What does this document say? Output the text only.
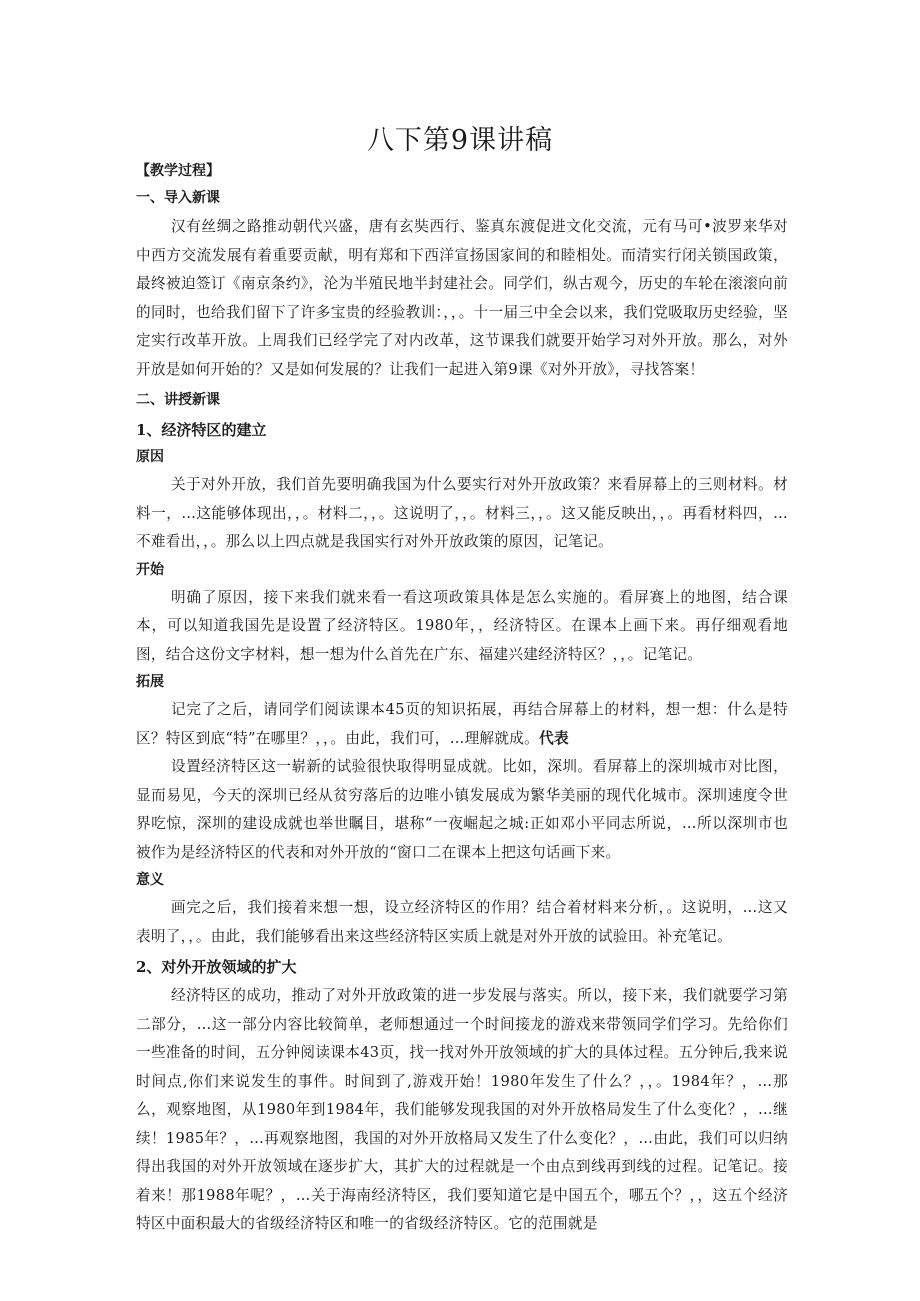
八下第9课讲稿

【教学过程】

一、导入新课

汉有丝绸之路推动朝代兴盛，唐有玄奘西行、鉴真东渡促进文化交流，元有马可•波罗来华对中西方交流发展有着重要贡献，明有郑和下西洋宣扬国家间的和睦相处。而清实行闭关锁国政策，最终被迫签订《南京条约》，沦为半殖民地半封建社会。同学们，纵古观今，历史的车轮在滚滚向前的同时，也给我们留下了许多宝贵的经验教训：，，。十一届三中全会以来，我们党吸取历史经验，坚定实行改革开放。上周我们已经学完了对内改革，这节课我们就要开始学习对外开放。那么，对外开放是如何开始的？又是如何发展的？让我们一起进入第9课《对外开放》，寻找答案！

二、讲授新课

1、经济特区的建立

原因

关于对外开放，我们首先要明确我国为什么要实行对外开放政策？来看屏幕上的三则材料。材料一，…这能够体现出，，。材料二，，。这说明了，，。材料三，，。这又能反映出，，。再看材料四，…不难看出，，。那么以上四点就是我国实行对外开放政策的原因，记笔记。

开始

明确了原因，接下来我们就来看一看这项政策具体是怎么实施的。看屏赛上的地图，结合课本，可以知道我国先是设置了经济特区。1980年，，经济特区。在课本上画下来。再仔细观看地图，结合这份文字材料，想一想为什么首先在广东、福建兴建经济特区？，，。记笔记。

拓展

记完了之后，请同学们阅读课本45页的知识拓展，再结合屏幕上的材料，想一想：什么是特区？特区到底“特”在哪里？，，。由此，我们可，…理解就成。代表

设置经济特区这一崭新的试验很快取得明显成就。比如，深圳。看屏幕上的深圳城市对比图，显而易见，今天的深圳已经从贫穷落后的边唯小镇发展成为繁华美丽的现代化城市。深圳速度令世界吃惊，深圳的建设成就也举世瞩目，堪称“一夜崛起之城:正如邓小平同志所说，…所以深圳市也被作为是经济特区的代表和对外开放的“窗口二在课本上把这句话画下来。

意义

画完之后，我们接着来想一想，设立经济特区的作用？结合着材料来分析，。这说明，…这又表明了，，。由此，我们能够看出来这些经济特区实质上就是对外开放的试验田。补充笔记。

2、对外开放领域的扩大

经济特区的成功，推动了对外开放政策的进一步发展与落实。所以，接下来，我们就要学习第二部分，…这一部分内容比较简单，老师想通过一个时间接龙的游戏来带领同学们学习。先给你们一些准备的时间，五分钟阅读课本43页，找一找对外开放领域的扩大的具体过程。五分钟后,我来说时间点,你们来说发生的事件。时间到了,游戏开始！1980年发生了什么？，，。1984年？，…那么，观察地图，从1980年到1984年，我们能够发现我国的对外开放格局发生了什么变化？，…继续！1985年？，…再观察地图，我国的对外开放格局又发生了什么变化？，…由此，我们可以归纳得出我国的对外开放领域在逐步扩大，其扩大的过程就是一个由点到线再到线的过程。记笔记。接着来！那1988年呢？，…关于海南经济特区，我们要知道它是中国五个，哪五个？，，这五个经济特区中面积最大的省级经济特区和唯一的省级经济特区。它的范围就是
